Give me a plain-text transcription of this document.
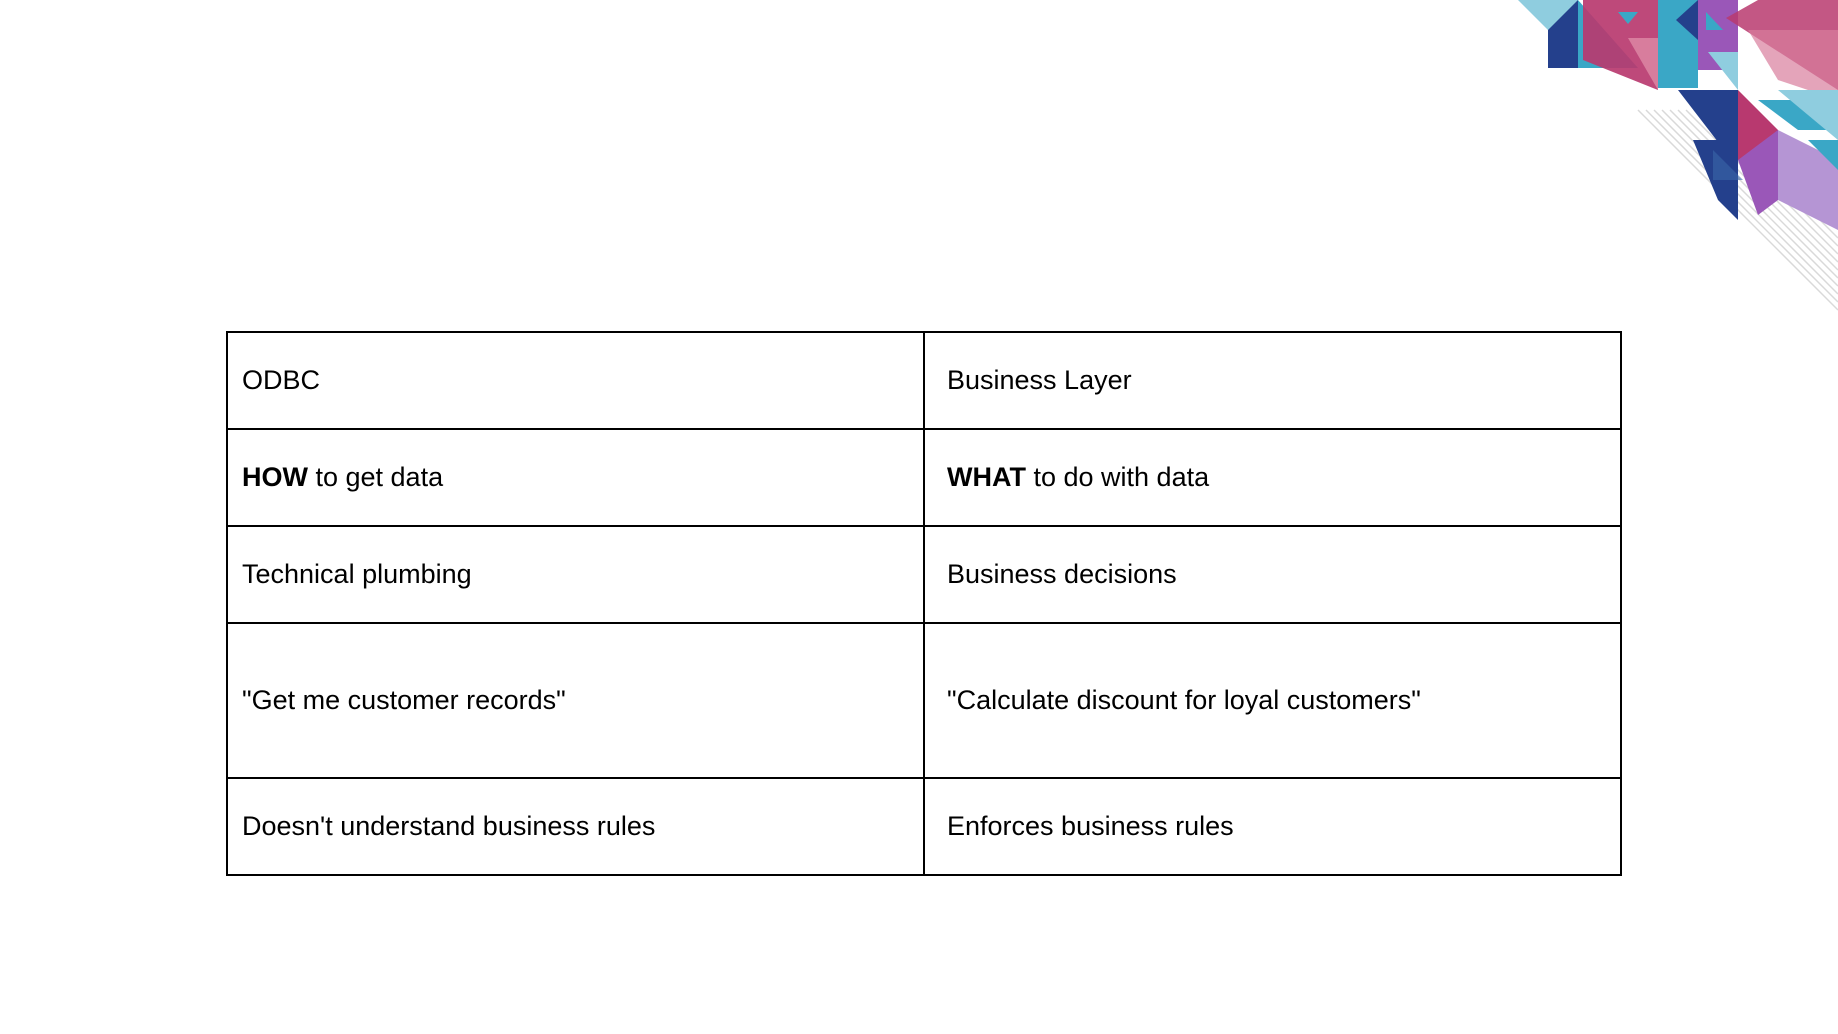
ODBC	Business Layer
HOW to get data	WHAT to do with data
Technical plumbing	Business decisions
"Get me customer records"	"Calculate discount for loyal customers"
Doesn't understand business rules	Enforces business rules
